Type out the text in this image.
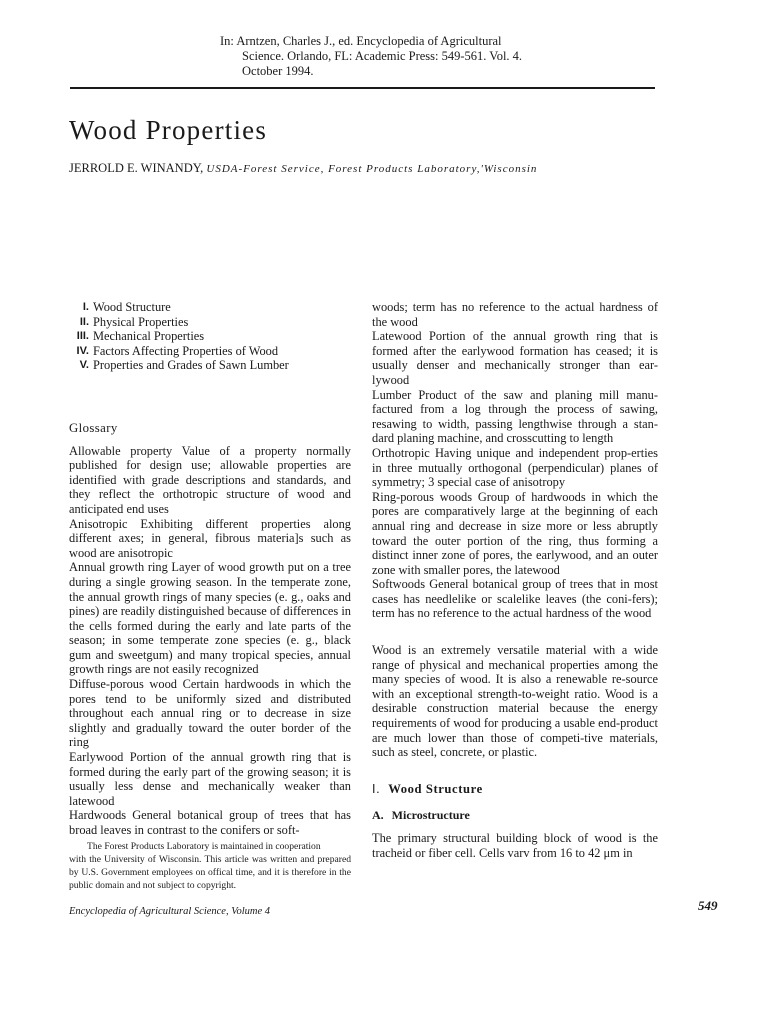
In: Arntzen, Charles J., ed. Encyclopedia of Agricultural
Science. Orlando, FL: Academic Press: 549-561. Vol. 4.
October 1994.
Wood Properties
JERROLD E. WINANDY, USDA-Forest Service, Forest Products Laboratory,'Wisconsin
I. Wood Structure
II. Physical Properties
III. Mechanical Properties
IV. Factors Affecting Properties of Wood
V. Properties and Grades of Sawn Lumber
Glossary

Allowable property Value of a property normally published for design use; allowable properties are identified with grade descriptions and standards, and they reflect the orthotropic structure of wood and anticipated end uses

Anisotropic Exhibiting different properties along different axes; in general, fibrous materia]s such as wood are anisotropic

Annual growth ring Layer of wood growth put on a tree during a single growing season. In the temperate zone, the annual growth rings of many species (e. g., oaks and pines) are readily distinguished because of differences in the cells formed during the early and late parts of the season; in some temperate zone species (e. g., black gum and sweetgum) and many tropical species, annual growth rings are not easily recognized

Diffuse-porous wood Certain hardwoods in which the pores tend to be uniformly sized and distributed throughout each annual ring or to decrease in size slightly and gradually toward the outer border of the ring

Earlywood Portion of the annual growth ring that is formed during the early part of the growing season; it is usually less dense and mechanically weaker than latewood

Hardwoods General botanical group of trees that has broad leaves in contrast to the conifers or soft-

The Forest Products Laboratory is maintained in cooperation
with the University of Wisconsin. This article was written and prepared by U.S. Government employees on offical time, and it is therefore in the public domain and not subject to copyright.

woods; term has no reference to the actual hardness of the wood

Latewood Portion of the annual growth ring that is formed after the earlywood formation has ceased; it is usually denser and mechanically stronger than ear-lywood

Lumber Product of the saw and planing mill manu-factured from a log through the process of sawing, resawing to width, passing lengthwise through a stan-dard planing machine, and crosscutting to length

Orthotropic Having unique and independent prop-erties in three mutually orthogonal (perpendicular) planes of symmetry; 3 special case of anisotropy

Ring-porous woods Group of hardwoods in which the pores are comparatively large at the beginning of each annual ring and decrease in size more or less abruptly toward the outer portion of the ring, thus forming a distinct inner zone of pores, the earlywood, and an outer zone with smaller pores, the latewood

Softwoods General botanical group of trees that in most cases has needlelike or scalelike leaves (the coni-fers); term has no reference to the actual hardness of the wood

Wood is an extremely versatile material with a wide range of physical and mechanical properties among the many species of wood. It is also a renewable re-source with an exceptional strength-to-weight ratio. Wood is a desirable construction material because the energy requirements of wood for producing a usable end-product are much lower than those of competi-tive materials, such as steel, concrete, or plastic.

I. Wood Structure
A. Microstructure

The primary structural building block of wood is the tracheid or fiber cell. Cells varv from 16 to 42 μm in

Encyclopedia of Agricultural Science, Volume 4	549
